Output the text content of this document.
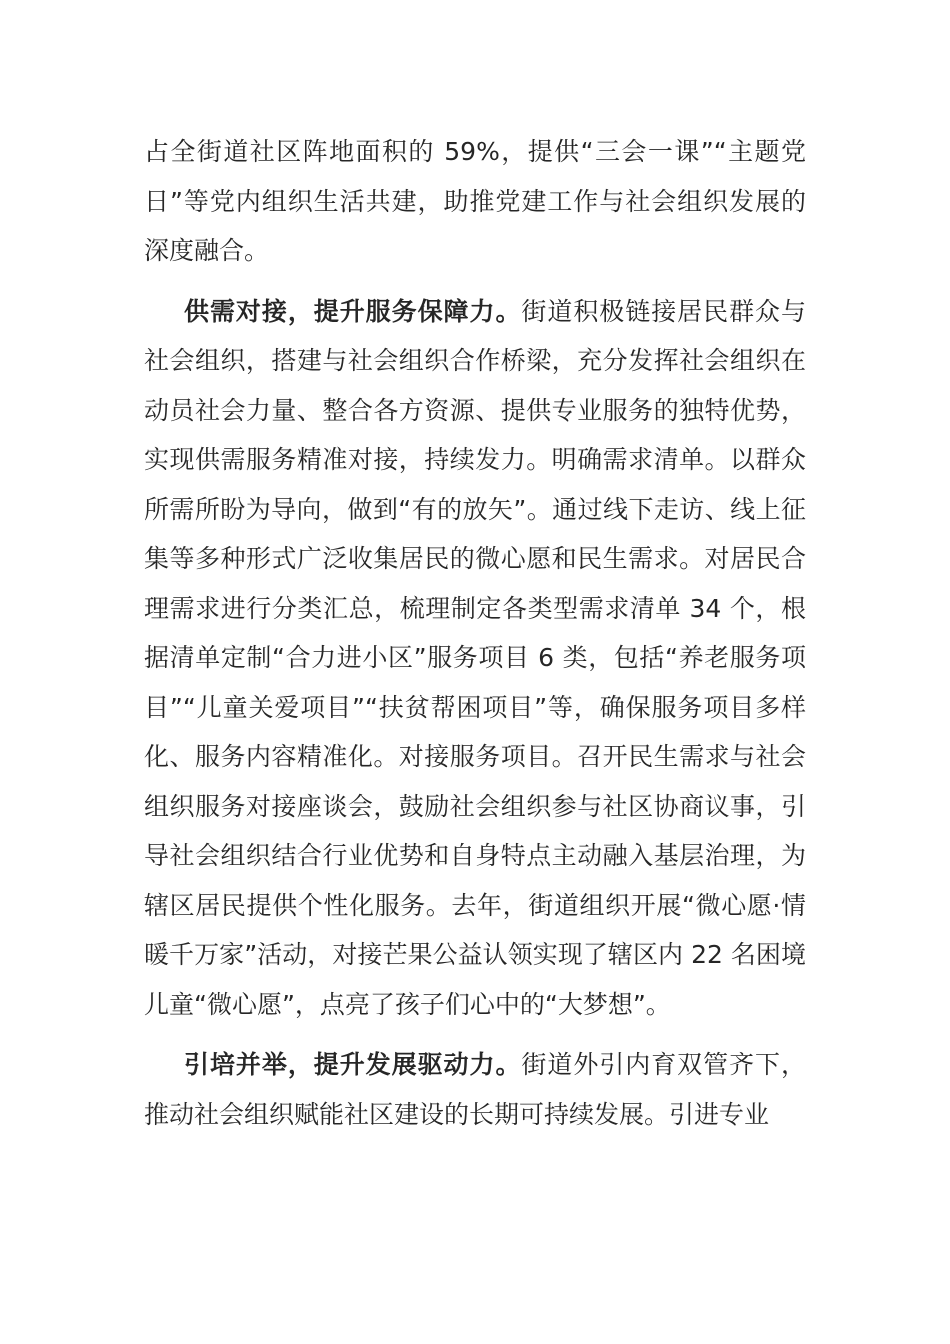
占全街道社区阵地面积的 59%，提供“三会一课”“主题党日”等党内组织生活共建，助推党建工作与社会组织发展的深度融合。

供需对接，提升服务保障力。街道积极链接居民群众与社会组织，搭建与社会组织合作桥梁，充分发挥社会组织在动员社会力量、整合各方资源、提供专业服务的独特优势，实现供需服务精准对接，持续发力。明确需求清单。以群众所需所盼为导向，做到“有的放矢”。通过线下走访、线上征集等多种形式广泛收集居民的微心愿和民生需求。对居民合理需求进行分类汇总，梳理制定各类型需求清单 34 个，根据清单定制“合力进小区”服务项目 6 类，包括“养老服务项目”“儿童关爱项目”“扶贫帮困项目”等，确保服务项目多样化、服务内容精准化。对接服务项目。召开民生需求与社会组织服务对接座谈会，鼓励社会组织参与社区协商议事，引导社会组织结合行业优势和自身特点主动融入基层治理，为辖区居民提供个性化服务。去年，街道组织开展“微心愿·情暖千万家”活动，对接芒果公益认领实现了辖区内 22 名困境儿童“微心愿”，点亮了孩子们心中的“大梦想”。

引培并举，提升发展驱动力。街道外引内育双管齐下，推动社会组织赋能社区建设的长期可持续发展。引进专业
